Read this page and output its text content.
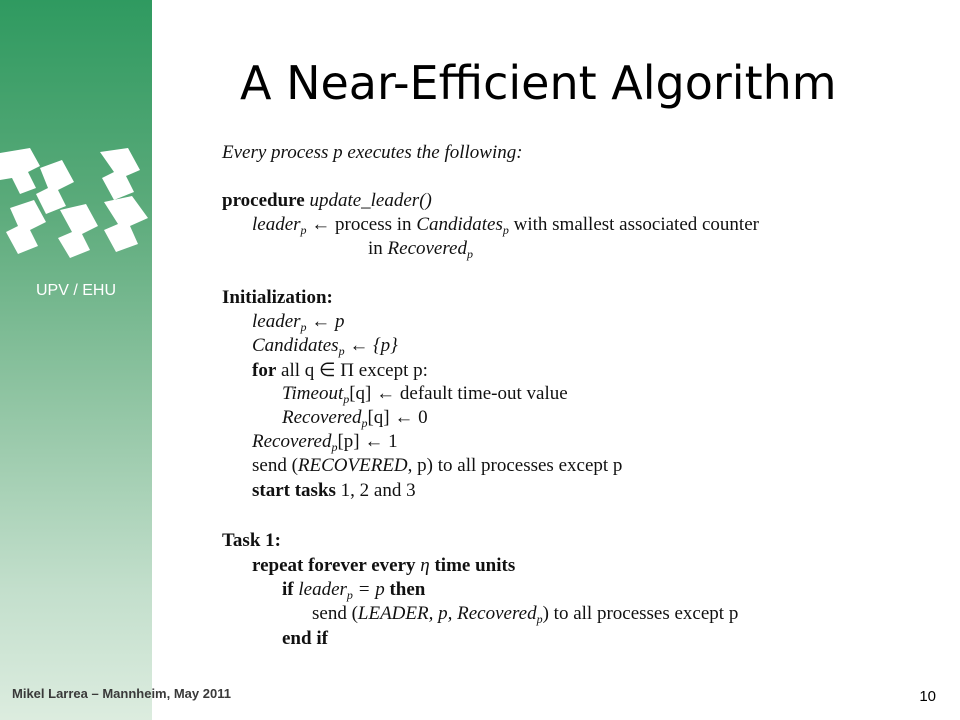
UPV / EHU
A Near-Efficient Algorithm
Every process p executes the following:
procedure update_leader()
leader$_p$ ← process in Candidates$_p$ with smallest associated counter
in Recovered$_p$
Initialization:
leader$_p$ ← p
Candidates$_p$ ← {p}
for all q ∈ Π except p:
Timeout$_p$[q] ← default time-out value
Recovered$_p$[q] ← 0
Recovered$_p$[p] ← 1
send (RECOVERED, p) to all processes except p
start tasks 1, 2 and 3
Task 1:
repeat forever every η time units
if leader$_p$ = p then
send (LEADER, p, Recovered$_p$) to all processes except p
end if
Mikel Larrea – Mannheim, May 2011	10
